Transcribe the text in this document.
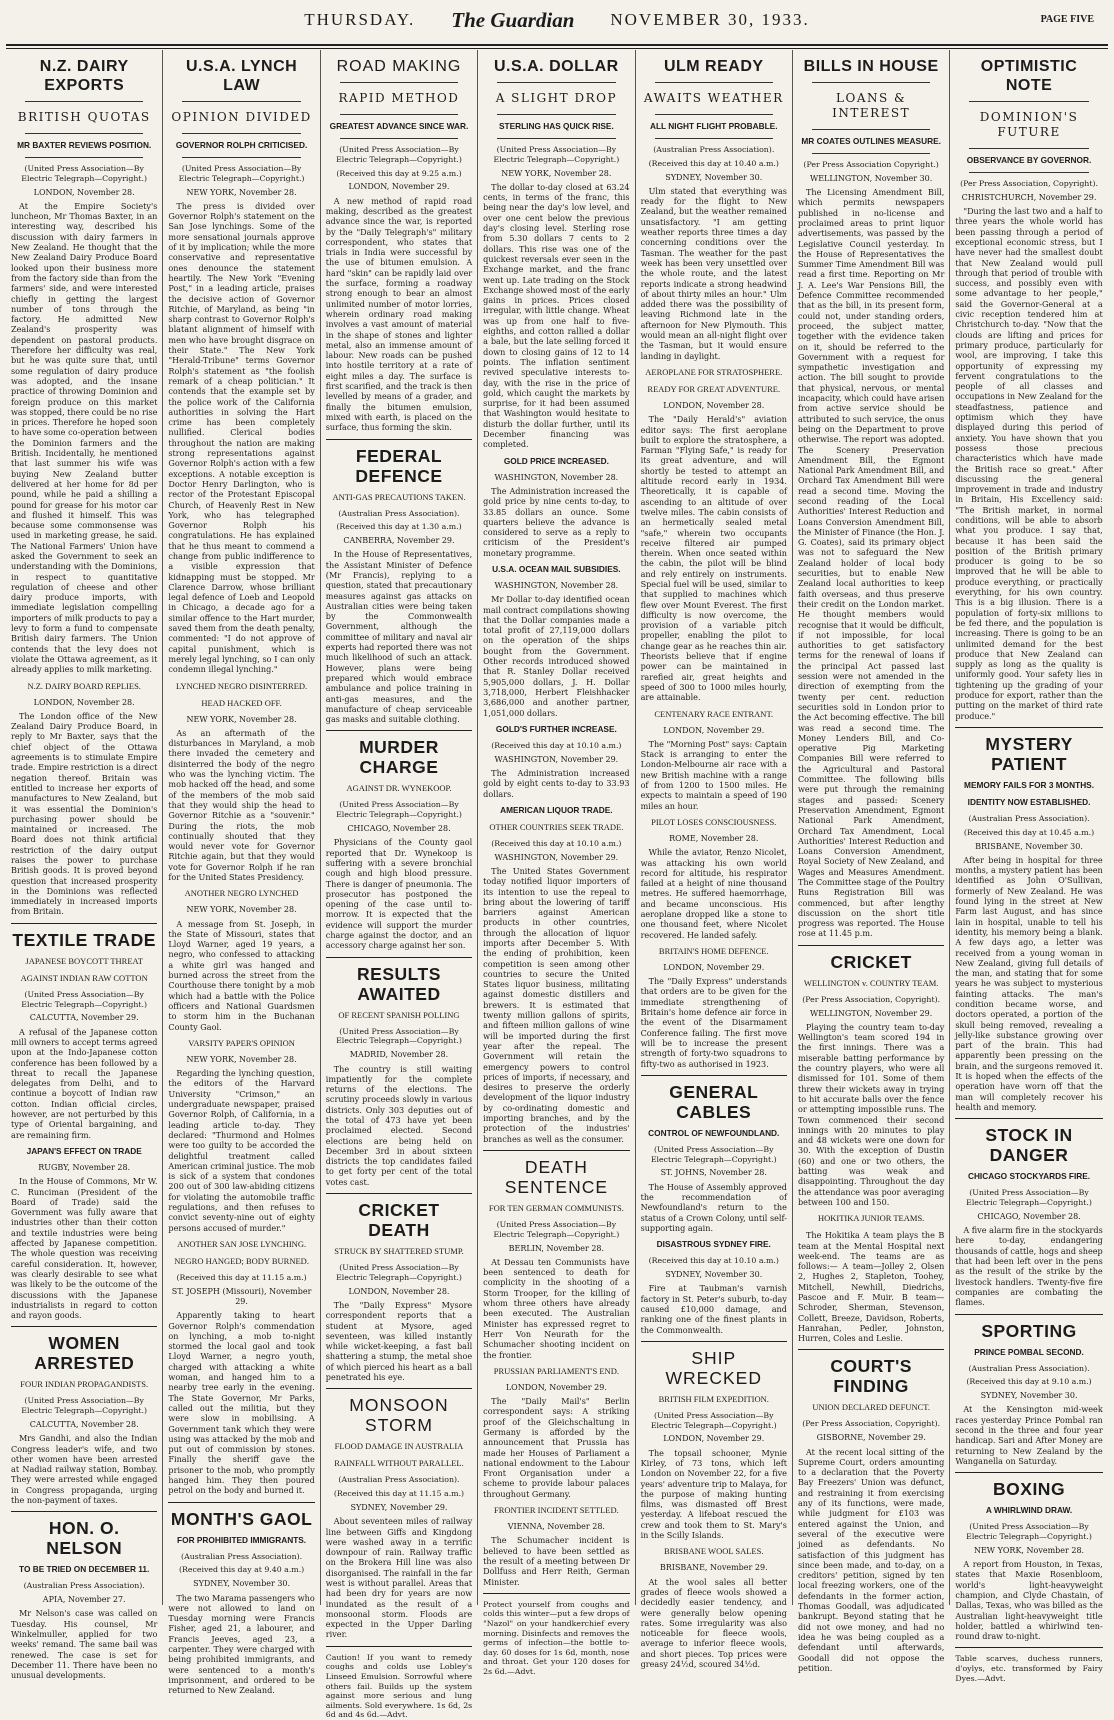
THURSDAY. The Guardian NOVEMBER 30, 1933.	PAGE FIVE
N.Z. DAIRY EXPORTS
BRITISH QUOTAS
MR BAXTER REVIEWS POSITION.
(United Press Association—By Electric Telegraph—Copyright.)
LONDON, November 28.

At the Empire Society's luncheon, Mr Thomas Baxter, in an interesting way, described his discussion with dairy farmers in New Zealand. He thought that the New Zealand Dairy Produce Board looked upon their business more from the factory side than from the farmers' side, and were interested chiefly in getting the largest number of tons through the factory. He admitted New Zealand's prosperity was dependent on pastoral products. Therefore her difficulty was real, but he was quite sure that, until some regulation of dairy produce was adopted, and the insane practice of throwing Dominion and foreign produce on this market was stopped, there could be no rise in prices. Therefore he hoped soon to have some co-operation between the Dominion farmers and the British. Incidentally, he mentioned that last summer his wife was buying New Zealand butter delivered at her home for 8d per pound, while he paid a shilling a pound for grease for his motor car and flushed it himself. This was because some commonsense was used in marketing grease, he said. The National Farmers' Union have asked the Government to seek an understanding with the Dominions, in respect to quantitative regulation of cheese and other dairy produce imports, with immediate legislation compelling importers of milk products to pay a levy to form a fund to compensate British dairy farmers. The Union contends that the levy does not violate the Ottawa agreement, as it already applies to milk marketing.

N.Z. DAIRY BOARD REPLIES.
LONDON, November 28.

The London office of the New Zealand Dairy Produce Board, in reply to Mr Baxter, says that the chief object of the Ottawa agreements is to stimulate Empire trade. Empire restriction is a direct negation thereof. Britain was entitled to increase her exports of manufactures to New Zealand, but it was essential the Dominion's purchasing power should be maintained or increased. The Board does not think artificial restriction of the dairy output raises the power to purchase British goods. It is proved beyond question that increased prosperity in the Dominions was reflected immediately in increased imports from Britain.

TEXTILE TRADE
JAPANESE BOYCOTT THREAT
AGAINST INDIAN RAW COTTON
(United Press Association—By Electric Telegraph—Copyright.)
CALCUTTA, November 29.

A refusal of the Japanese cotton mill owners to accept terms agreed upon at the Indo-Japanese cotton conference has been followed by a threat to recall the Japanese delegates from Delhi, and to continue a boycott of Indian raw cotton. Indian official circles, however, are not perturbed by this type of Oriental bargaining, and are remaining firm.

JAPAN'S EFFECT ON TRADE
RUGBY, November 28.

In the House of Commons, Mr W. C. Runciman (President of the Board of Trade) said the Government was fully aware that industries other than their cotton and textile industries were being affected by Japanese competition. The whole question was receiving careful consideration. It, however, was clearly desirable to see what was likely to be the outcome of the discussions with the Japanese industrialists in regard to cotton and rayon goods.

WOMEN ARRESTED
FOUR INDIAN PROPAGANDISTS.
(United Press Association—By Electric Telegraph—Copyright.)
CALCUTTA, November 28.

Mrs Gandhi, and also the Indian Congress leader's wife, and two other women have been arrested at Nadiad railway station, Bombay. They were arrested while engaged in Congress propaganda, urging the non-payment of taxes.

HON. O. NELSON
TO BE TRIED ON DECEMBER 11.
(Australian Press Association).
APIA, November 27.

Mr Nelson's case was called on Tuesday. His counsel, Mr Winkelmuller, applied for two weeks' remand. The same bail was renewed. The case is set for December 11. There have been no unusual developments.

U.S.A. LYNCH LAW
OPINION DIVIDED
GOVERNOR ROLPH CRITICISED.
(United Press Association—By Electric Telegraph—Copyright.)
NEW YORK, November 28.

The press is divided over Governor Rolph's statement on the San Jose lynchings. Some of the more sensational journals approve of it by implication; while the more conservative and representative ones denounce the statement heartily. The New York "Evening Post," in a leading article, praises the decisive action of Governor Ritchie, of Maryland, as being "in sharp contrast to Governor Rolph's blatant alignment of himself with men who have brought disgrace on their State." The New York "Herald-Tribune" terms Governor Rolph's statement as "the foolish remark of a cheap politician." It contends that the example set by the police work of the California authorities in solving the Hart crime has been completely nullified. Clerical bodies throughout the nation are making strong representations against Governor Rolph's action with a few exceptions. A notable exception is Doctor Henry Darlington, who is rector of the Protestant Episcopal Church, of Heavenly Rest in New York, who has telegraphed Governor Rolph his congratulations. He has explained that he thus meant to commend a change from public indifference to a visible expression that kidnapping must be stopped. Mr Clarence Darrow, whose brilliant legal defence of Loeb and Leopold in Chicago, a decade ago for a similar offence to the Hart murder, saved them from the death penalty, commented: "I do not approve of capital punishment, which is merely legal lynching, so I can only condemn illegal lynching."

LYNCHED NEGRO DISINTERRED.
HEAD HACKED OFF.
NEW YORK, November 28.

As an aftermath of the disturbances in Maryland, a mob there invaded the cemetery and disinterred the body of the negro who was the lynching victim. The mob hacked off the head, and some of the members of the mob said that they would ship the head to Governor Ritchie as a "souvenir." During the riots, the mob continually shouted that they would never vote for Governor Ritchie again, but that they would vote for Governor Rolph if he ran for the United States Presidency.

ANOTHER NEGRO LYNCHED
NEW YORK, November 28.

A message from St. Joseph, in the State of Missouri, states that Lloyd Warner, aged 19 years, a negro, who confessed to attacking a white girl was hanged and burned across the street from the Courthouse there tonight by a mob which had a battle with the Police officers and National Guardsmen to storm him in the Buchanan County Gaol.

VARSITY PAPER'S OPINION
NEW YORK, November 28.

Regarding the lynching question, the editors of the Harvard University "Crimson," an undergraduate newspaper, praised Governor Rolph, of California, in a leading article to-day. They declared: "Thurmond and Holmes were too guilty to be accorded the delightful treatment called American criminal justice. The mob is sick of a system that condones 200 out of 300 law-abiding citizens for violating the automobile traffic regulations, and then refuses to convict seventy-nine out of eighty persons accused of murder."

ANOTHER SAN JOSE LYNCHING.
NEGRO HANGED; BODY BURNED.
(Received this day at 11.15 a.m.)
ST. JOSEPH (Missouri), November 29.

Apparently taking to heart Governor Rolph's commendation on lynching, a mob to-night stormed the local gaol and took Lloyd Warner, a negro youth, charged with attacking a white woman, and hanged him to a nearby tree early in the evening. The State Governor, Mr Parks, called out the militia, but they were slow in mobilising. A Government tank which they were using was attacked by the mob and put out of commission by stones. Finally the sheriff gave the prisoner to the mob, who promptly hanged him. They then poured petrol on the body and burned it.

MONTH'S GAOL
FOR PROHIBITED IMMIGRANTS.
(Australian Press Association).
(Received this day at 9.40 a.m.)
SYDNEY, November 30.

The two Marama passengers who were not allowed to land on Tuesday morning were Francis Fisher, aged 21, a labourer, and Francis Jeeves, aged 23, a carpenter. They were charged with being prohibited immigrants, and were sentenced to a month's imprisonment, and ordered to be returned to New Zealand.

ROAD MAKING
RAPID METHOD
GREATEST ADVANCE SINCE WAR.
(United Press Association—By Electric Telegraph—Copyright.)
(Received this day at 9.25 a.m.)
LONDON, November 29.

A new method of rapid road making, described as the greatest advance since the war, is reported by the "Daily Telegraph's" military correspondent, who states that trials in India were successful by the use of bitumen emulsion. A hard "skin" can be rapidly laid over the surface, forming a roadway strong enough to bear an almost unlimited number of motor lorries, wherein ordinary road making involves a vast amount of material in the shape of stones and lighter metal, also an immense amount of labour. New roads can be pushed into hostile territory at a rate of eight miles a day. The surface is first scarified, and the track is then levelled by means of a grader, and finally the bitumen emulsion, mixed with earth, is placed on the surface, thus forming the skin.

FEDERAL DEFENCE
ANTI-GAS PRECAUTIONS TAKEN.
(Australian Press Association).
(Received this day at 1.30 a.m.)
CANBERRA, November 29.

In the House of Representatives, the Assistant Minister of Defence (Mr Francis), replying to a question, stated that precautionary measures against gas attacks on Australian cities were being taken by the Commonwealth Government, although the committee of military and naval air experts had reported there was not much likelihood of such an attack. However, plans were being prepared which would embrace ambulance and police training in anti-gas measures, and the manufacture of cheap serviceable gas masks and suitable clothing.

MURDER CHARGE
AGAINST DR. WYNEKOOP.
(United Press Association—By Electric Telegraph—Copyright.)
CHICAGO, November 28.

Physicians of the County gaol reported that Dr. Wynekoop is suffering with a severe bronchial cough and high blood pressure. There is danger of pneumonia. The prosecutor has postponed the opening of the case until to-morrow. It is expected that the evidence will support the murder charge against the doctor, and an accessory charge against her son.

RESULTS AWAITED
OF RECENT SPANISH POLLING
(United Press Association—By Electric Telegraph—Copyright.)
MADRID, November 28.

The country is still waiting impatiently for the complete returns of the elections. The scrutiny proceeds slowly in various districts. Only 303 deputies out of the total of 473 have yet been proclaimed elected. Second elections are being held on December 3rd in about sixteen districts the top candidates failed to get forty per cent of the total votes cast.

CRICKET DEATH
STRUCK BY SHATTERED STUMP.
(United Press Association—By Electric Telegraph—Copyright.)
LONDON, November 28.

The "Daily Express" Mysore correspondent reports that a student at Mysore, aged seventeen, was killed instantly while wicket-keeping, a fast ball shattering a stump, the metal shoe of which pierced his heart as a ball penetrated his eye.

MONSOON STORM
FLOOD DAMAGE IN AUSTRALIA
RAINFALL WITHOUT PARALLEL.
(Australian Press Association).
(Received this day at 11.15 a.m.)
SYDNEY, November 29.

About seventeen miles of railway line between Giffs and Kingdong were washed away in a terrific downpour of rain. Railway traffic on the Brokera Hill line was also disorganised. The rainfall in the far west is without parallel. Areas that had been dry for years are now inundated as the result of a monsoonal storm. Floods are expected in the Upper Darling river.

Caution! If you want to remedy coughs and colds use Lobley's Linseed Emulsion. Sorrowful where others fail. Builds up the system against more serious and lung ailments. Sold everywhere. 1s 6d, 2s 6d and 4s 6d.—Advt.
U.S.A. DOLLAR
A SLIGHT DROP
STERLING HAS QUICK RISE.
(United Press Association—By Electric Telegraph—Copyright.)
NEW YORK, November 28.

The dollar to-day closed at 63.24 cents, in terms of the franc, this being near the day's low level, and over one cent below the previous day's closing level. Sterling rose from 5.30 dollars 7 cents to 2 dollars. This rise was one of the quickest reversals ever seen in the Exchange market, and the franc went up. Late trading on the Stock Exchange showed most of the early gains in prices. Prices closed irregular, with little change. Wheat was up from one half to five-eighths, and cotton rallied a dollar a bale, but the late selling forced it down to closing gains of 12 to 14 points. The inflation sentiment revived speculative interests to-day, with the rise in the price of gold, which caught the markets by surprise, for it had been assumed that Washington would hesitate to disturb the dollar further, until its December financing was completed.

GOLD PRICE INCREASED.
WASHINGTON, November 28.

The Administration increased the gold price by nine cents to-day, to 33.85 dollars an ounce. Some quarters believe the advance is considered to serve as a reply to criticism of the President's monetary programme.

U.S.A. OCEAN MAIL SUBSIDIES.
WASHINGTON, November 28.

Mr Dollar to-day identified ocean mail contract compilations showing that the Dollar companies made a total profit of 27,119,000 dollars on the operation of the ships bought from the Government. Other records introduced showed that R. Stanley Dollar received 5,905,000 dollars, J. H. Dollar 3,718,000, Herbert Fleishhacker 3,686,000 and another partner, 1,051,000 dollars.

GOLD'S FURTHER INCREASE.
(Received this day at 10.10 a.m.)
WASHINGTON, November 29.

The Administration increased gold by eight cents to-day to 33.93 dollars.

AMERICAN LIQUOR TRADE.
OTHER COUNTRIES SEEK TRADE.
(Received this day at 10.10 a.m.)
WASHINGTON, November 29.

The United States Government today notified liquor importers of its intention to use the repeal to bring about the lowering of tariff barriers against American products in other countries, through the allocation of liquor imports after December 5. With the ending of prohibition, keen competition is seen among other countries to secure the United States liquor business, militating against domestic distillers and brewers. It is estimated that twenty million gallons of spirits, and fifteen million gallons of wine will be imported during the first year after the repeal. The Government will retain the emergency powers to control prices of imports, if necessary, and desires to preserve the orderly development of the liquor industry by co-ordinating domestic and importing branches, and by the protection of the industries' branches as well as the consumer.

DEATH SENTENCE
FOR TEN GERMAN COMMUNISTS.
(United Press Association—By Electric Telegraph—Copyright.)
BERLIN, November 28.

At Dessau ten Communists have been sentenced to death for complicity in the shooting of a Storm Trooper, for the killing of whom three others have already been executed. The Australian Minister has expressed regret to Herr Von Neurath for the Schumacher shooting incident on the frontier.

PRUSSIAN PARLIAMENT'S END.
LONDON, November 29.

The "Daily Mail's" Berlin correspondent says: A striking proof of the Gleichschaltung in Germany is afforded by the announcement that Prussia has made her Houses of Parliament a national endowment to the Labour Front Organisation under a scheme to provide labour palaces throughout Germany.

FRONTIER INCIDENT SETTLED.
VIENNA, November 28.

The Schumacher incident is believed to have been settled as the result of a meeting between Dr Dollfuss and Herr Reith, German Minister.

Protect yourself from coughs and colds this winter—put a few drops of "Nazol" on your handkerchief every morning. Disinfects and removes the germs of infection—the bottle to-day. 60 doses for 1s 6d, month, nose and throat. Get your 120 doses for 2s 6d.—Advt.
ULM READY
AWAITS WEATHER
ALL NIGHT FLIGHT PROBABLE.
(Australian Press Association).
(Received this day at 10.40 a.m.)
SYDNEY, November 30.

Ulm stated that everything was ready for the flight to New Zealand, but the weather remained unsatisfactory. "I am getting weather reports three times a day concerning conditions over the Tasman. The weather for the past week has been very unsettled over the whole route, and the latest reports indicate a strong headwind of about thirty miles an hour." Ulm added there was the possibility of leaving Richmond late in the afternoon for New Plymouth. This would mean an all-night flight over the Tasman, but it would ensure landing in daylight.

AEROPLANE FOR STRATOSPHERE.
READY FOR GREAT ADVENTURE.
LONDON, November 28.

The "Daily Herald's" aviation editor says: The first aeroplane built to explore the stratosphere, a Farman "Flying Safe," is ready for its great adventure, and will shortly be tested to attempt an altitude record early in 1934. Theoretically, it is capable of ascending to an altitude of over twelve miles. The cabin consists of an hermetically sealed metal "safe," wherein two occupants receive filtered air pumped therein. When once seated within the cabin, the pilot will be blind and rely entirely on instruments. Special fuel will be used, similar to that supplied to machines which flew over Mount Everest. The first difficulty is now overcome, the provision of a variable pitch propeller, enabling the pilot to change gear as he reaches thin air. Theorists believe that if engine power can be maintained in rarefied air, great heights and speed of 300 to 1000 miles hourly, are attainable.

CENTENARY RACE ENTRANT.
LONDON, November 29.

The "Morning Post" says: Captain Stack is arranging to enter the London-Melbourne air race with a new British machine with a range of from 1200 to 1500 miles. He expects to maintain a speed of 190 miles an hour.

PILOT LOSES CONSCIOUSNESS.
ROME, November 28.

While the aviator, Renzo Nicolet, was attacking his own world record for altitude, his respirator failed at a height of nine thousand metres. He suffered haemorrhage, and became unconscious. His aeroplane dropped like a stone to one thousand feet, where Nicolet recovered. He landed safely.

BRITAIN'S HOME DEFENCE.
LONDON, November 29.

The "Daily Express" understands that orders are to be given for the immediate strengthening of Britain's home defence air force in the event of the Disarmament Conference failing. The first move will be to increase the present strength of forty-two squadrons to fifty-two as authorised in 1923.

GENERAL CABLES
CONTROL OF NEWFOUNDLAND.
(United Press Association—By Electric Telegraph—Copyright.)
ST. JOHNS, November 28.

The House of Assembly approved the recommendation of Newfoundland's return to the status of a Crown Colony, until self-supporting again.

DISASTROUS SYDNEY FIRE.
(Received this day at 10.10 a.m.)
SYDNEY, November 30.

Fire at Taubman's varnish factory in St. Peter's suburb, to-day caused £10,000 damage, and ranking one of the finest plants in the Commonwealth.

SHIP WRECKED
BRITISH FILM EXPEDITION.
(United Press Association—By Electric Telegraph—Copyright.)
LONDON, November 29.

The topsail schooner, Mynie Kirley, of 73 tons, which left London on November 22, for a five years' adventure trip to Malaya, for the purpose of making hunting films, was dismasted off Brest yesterday. A lifeboat rescued the crew and took them to St. Mary's in the Scilly Islands.

BRISBANE WOOL SALES.
BRISBANE, November 29.

At the wool sales all better grades of fleece wools showed a decidedly easier tendency, and were generally below opening rates. Some irregularity was also noticeable for fleece wools, average to inferior fleece wools, and short pieces. Top prices were greasy 24½d, scoured 34½d.

BILLS IN HOUSE
LOANS & INTEREST
MR COATES OUTLINES MEASURE.
(Per Press Association Copyright.)
WELLINGTON, November 30.

The Licensing Amendment Bill, which permits newspapers published in no-license and proclaimed areas to print liquor advertisements, was passed by the Legislative Council yesterday. In the House of Representatives the Summer Time Amendment Bill was read a first time. Reporting on Mr J. A. Lee's War Pensions Bill, the Defence Committee recommended that as the bill, in its present form, could not, under standing orders, proceed, the subject matter, together with the evidence taken on it, should be referred to the Government with a request for sympathetic investigation and action. The bill sought to provide that physical, nervous, or mental incapacity, which could have arisen from active service should be attributed to such service, the onus being on the Department to prove otherwise. The report was adopted. The Scenery Preservation Amendment Bill, the Egmont National Park Amendment Bill, and Orchard Tax Amendment Bill were read a second time. Moving the second reading of the Local Authorities' Interest Reduction and Loans Conversion Amendment Bill, the Minister of Finance (the Hon. J. G. Coates), said its primary object was not to safeguard the New Zealand holder of local body securities, but to enable New Zealand local authorities to keep faith overseas, and thus preserve their credit on the London market. He thought members would recognise that it would be difficult, if not impossible, for local authorities to get satisfactory terms for the renewal of loans if the principal Act passed last session were not amended in the direction of exempting from the twenty per cent. reduction securities sold in London prior to the Act becoming effective. The bill was read a second time. The Money Lenders Bill, and Co-operative Pig Marketing Companies Bill were referred to the Agricultural and Pastoral Committee. The following bills were put through the remaining stages and passed: Scenery Preservation Amendment, Egmont National Park Amendment, Orchard Tax Amendment, Local Authorities' Interest Reduction and Loans Conversion Amendment, Royal Society of New Zealand, and Wages and Measures Amendment. The Committee stage of the Poultry Runs Registration Bill was commenced, but after lengthy discussion on the short title progress was reported. The House rose at 11.45 p.m.

CRICKET
WELLINGTON v. COUNTRY TEAM.
(Per Press Association, Copyright).
WELLINGTON, November 29.

Playing the country team to-day Wellington's team scored 194 in the first innings. There was a miserable batting performance by the country players, who were all dismissed for 101. Some of them threw their wickets away in trying to hit accurate balls over the fence or attempting impossible runs. The Town commenced their second innings with 20 minutes to play and 48 wickets were one down for 30. With the exception of Dustin (60) and one or two others, the batting was weak and disappointing. Throughout the day the attendance was poor averaging between 100 and 150.

HOKITIKA JUNIOR TEAMS.

The Hokitika A team plays the B team at the Mental Hospital next week-end. The teams are as follows:— A team—Jolley 2, Olsen 2, Hughes 2, Stapleton, Toohey, Mitchell, Newhill, Diedrichs, Pascoe and F. Muir. B team—Schroder, Sherman, Stevenson, Collett, Breeze, Davidson, Roberts, Hanrahan, Pedler, Johnston, Hurren, Coles and Leslie.

COURT'S FINDING
UNION DECLARED DEFUNCT.
(Per Press Association, Copyright).
GISBORNE, November 29.

At the recent local sitting of the Supreme Court, orders amounting to a declaration that the Poverty Bay Freezers' Union was defunct, and restraining it from exercising any of its functions, were made, while judgment for £103 was entered against the Union, and several of the executive were joined as defendants. No satisfaction of this judgment has since been made, and to-day, on a creditors' petition, signed by ten local freezing workers, one of the defendants in the former action, Thomas Goodall, was adjudicated bankrupt. Beyond stating that he did not owe money, and had no idea he was being coupled as a defendant until afterwards, Goodall did not oppose the petition.

OPTIMISTIC NOTE
DOMINION'S FUTURE
OBSERVANCE BY GOVERNOR.
(Per Press Association, Copyright).
CHRISTCHURCH, November 29.

"During the last two and a half to three years the whole world has been passing through a period of exceptional economic stress, but I have never had the smallest doubt that New Zealand would pull through that period of trouble with success, and possibly even with some advantage to her people," said the Governor-General at a civic reception tendered him at Christchurch to-day. "Now that the clouds are lifting and prices for primary produce, particularly for wool, are improving, I take this opportunity of expressing my fervent congratulations to the people of all classes and occupations in New Zealand for the steadfastness, patience and optimism which they have displayed during this period of anxiety. You have shown that you possess those precious characteristics which have made the British race so great." After discussing the general improvement in trade and industry in Britain, His Excellency said: "The British market, in normal conditions, will be able to absorb what you produce. I say that, because it has been said the position of the British primary producer is going to be so improved that he will be able to produce everything, or practically everything, for his own country. This is a big illusion. There is a population of forty-six millions to be fed there, and the population is increasing. There is going to be an unlimited demand for the best produce that New Zealand can supply as long as the quality is uniformly good. Your safety lies in tightening up the grading of your produce for export, rather than the putting on the market of third rate produce."

MYSTERY PATIENT
MEMORY FAILS FOR 3 MONTHS.
IDENTITY NOW ESTABLISHED.
(Australian Press Association).
(Received this day at 10.45 a.m.)
BRISBANE, November 30.

After being in hospital for three months, a mystery patient has been identified as John O'Sullivan, formerly of New Zealand. He was found lying in the street at New Farm last August, and has since lain in hospital, unable to tell his identity, his memory being a blank. A few days ago, a letter was received from a young woman in New Zealand, giving full details of the man, and stating that for some years he was subject to mysterious fainting attacks. The man's condition became worse, and doctors operated, a portion of the skull being removed, revealing a jelly-like substance growing over part of the brain. This had apparently been pressing on the brain, and the surgeons removed it. It is hoped when the effects of the operation have worn off that the man will completely recover his health and memory.

STOCK IN DANGER
CHICAGO STOCKYARDS FIRE.
(United Press Association—By Electric Telegraph—Copyright.)
CHICAGO, November 28.

A five alarm fire in the stockyards here to-day, endangering thousands of cattle, hogs and sheep that had been left over in the pens as the result of the strike by the livestock handlers. Twenty-five fire companies are combating the flames.

SPORTING
PRINCE POMBAL SECOND.
(Australian Press Association).
(Received this day at 9.10 a.m.)
SYDNEY, November 30.

At the Kensington mid-week races yesterday Prince Pombal ran second in the three and four year handicap. Sari and After Money are returning to New Zealand by the Wanganella on Saturday.

BOXING
A WHIRLWIND DRAW.
(United Press Association—By Electric Telegraph—Copyright.)
NEW YORK, November 28.

A report from Houston, in Texas, states that Maxie Rosenbloom, world's light-heavyweight champion, and Clyde Chastain, of Dallas, Texas, who was billed as the Australian light-heavyweight title holder, battled a whirlwind ten-round draw to-night.

Table scarves, duchess runners, d'oylys, etc. transformed by Fairy Dyes.—Advt.
